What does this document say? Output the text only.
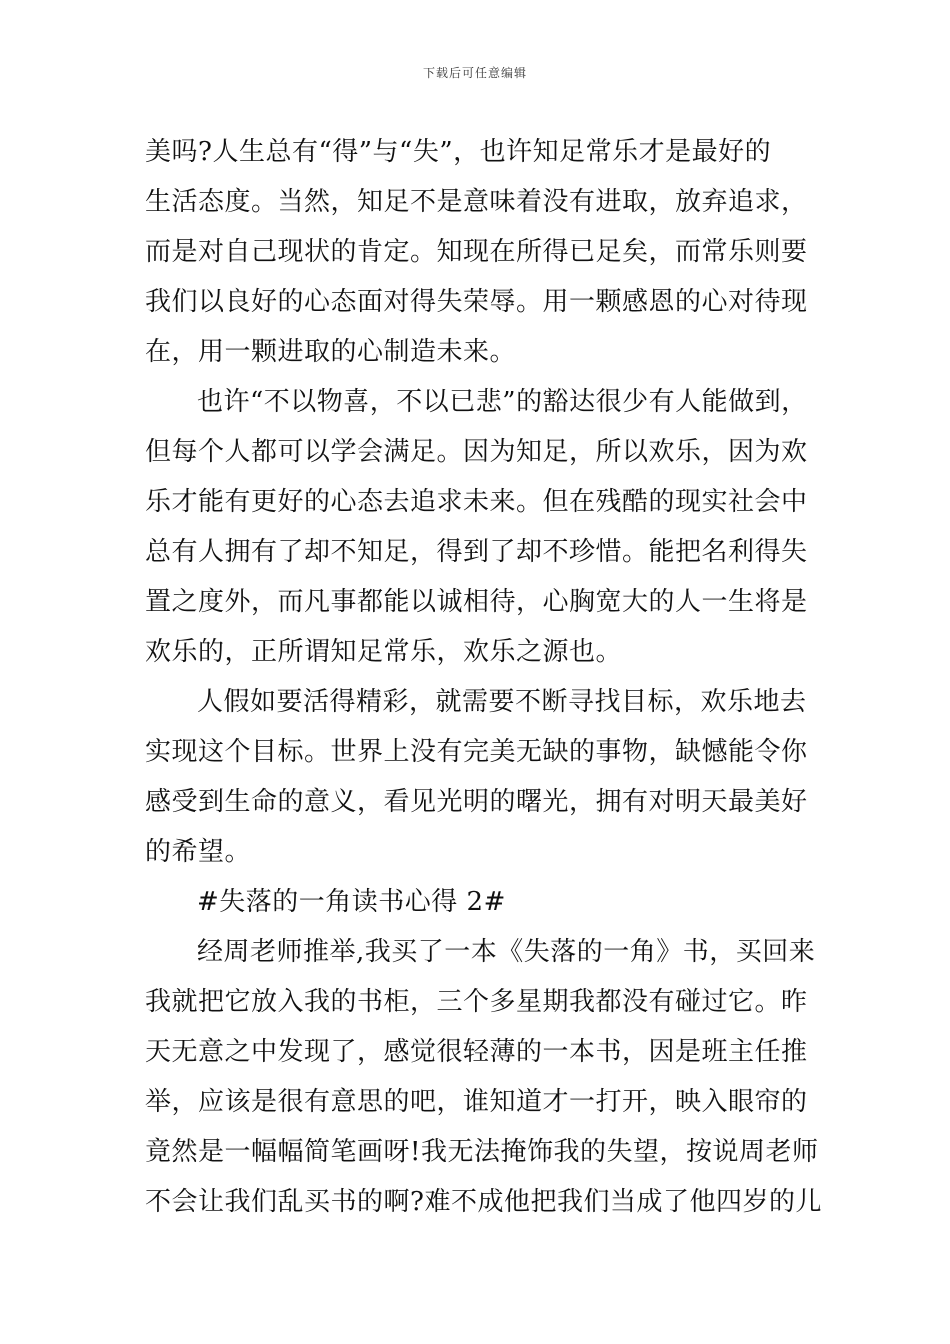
下载后可任意编辑
美吗?人生总有“得”与“失”，也许知足常乐才是最好的
生活态度。当然，知足不是意味着没有进取，放弃追求，
而是对自己现状的肯定。知现在所得已足矣，而常乐则要
我们以良好的心态面对得失荣辱。用一颗感恩的心对待现
在，用一颗进取的心制造未来。
也许“不以物喜，不以已悲”的豁达很少有人能做到，
但每个人都可以学会满足。因为知足，所以欢乐，因为欢
乐才能有更好的心态去追求未来。但在残酷的现实社会中
总有人拥有了却不知足，得到了却不珍惜。能把名利得失
置之度外，而凡事都能以诚相待，心胸宽大的人一生将是
欢乐的，正所谓知足常乐，欢乐之源也。
人假如要活得精彩，就需要不断寻找目标，欢乐地去
实现这个目标。世界上没有完美无缺的事物，缺憾能令你
感受到生命的意义，看见光明的曙光，拥有对明天最美好
的希望。
#失落的一角读书心得 2#
经周老师推举,我买了一本《失落的一角》书，买回来
我就把它放入我的书柜，三个多星期我都没有碰过它。昨
天无意之中发现了，感觉很轻薄的一本书，因是班主任推
举，应该是很有意思的吧，谁知道才一打开，映入眼帘的
竟然是一幅幅简笔画呀!我无法掩饰我的失望，按说周老师
不会让我们乱买书的啊?难不成他把我们当成了他四岁的儿
